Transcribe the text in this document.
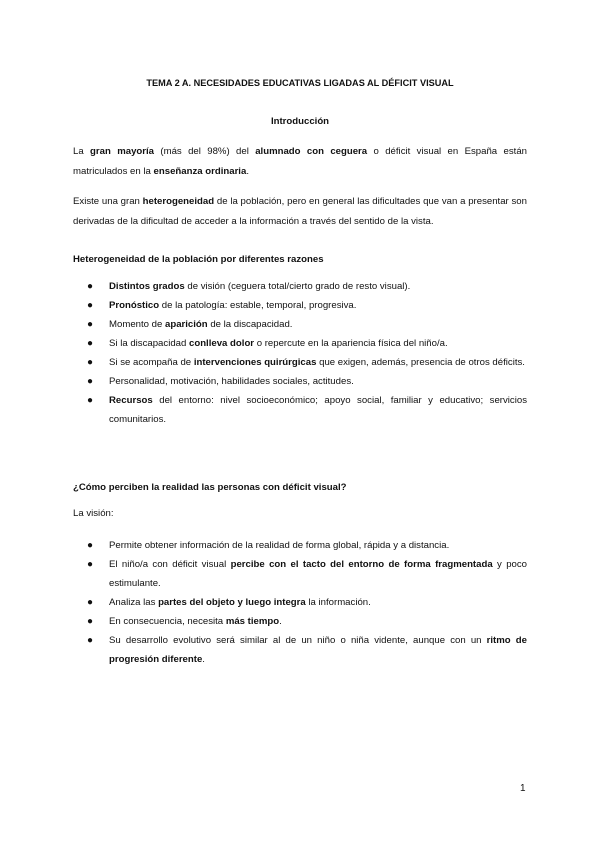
TEMA 2 A. NECESIDADES EDUCATIVAS LIGADAS AL DÉFICIT VISUAL
Introducción
La gran mayoría (más del 98%) del alumnado con ceguera o déficit visual en España están matriculados en la enseñanza ordinaria.
Existe una gran heterogeneidad de la población, pero en general las dificultades que van a presentar son derivadas de la dificultad de acceder a la información a través del sentido de la vista.
Heterogeneidad de la población por diferentes razones
● Distintos grados de visión (ceguera total/cierto grado de resto visual).
● Pronóstico de la patología: estable, temporal, progresiva.
● Momento de aparición de la discapacidad.
● Si la discapacidad conlleva dolor o repercute en la apariencia física del niño/a.
● Si se acompaña de intervenciones quirúrgicas que exigen, además, presencia de otros déficits.
● Personalidad, motivación, habilidades sociales, actitudes.
● Recursos del entorno: nivel socioeconómico; apoyo social, familiar y educativo; servicios comunitarios.
¿Cómo perciben la realidad las personas con déficit visual?
La visión:
● Permite obtener información de la realidad de forma global, rápida y a distancia.
● El niño/a con déficit visual percibe con el tacto del entorno de forma fragmentada y poco estimulante.
● Analiza las partes del objeto y luego integra la información.
● En consecuencia, necesita más tiempo.
● Su desarrollo evolutivo será similar al de un niño o niña vidente, aunque con un ritmo de progresión diferente.
1
